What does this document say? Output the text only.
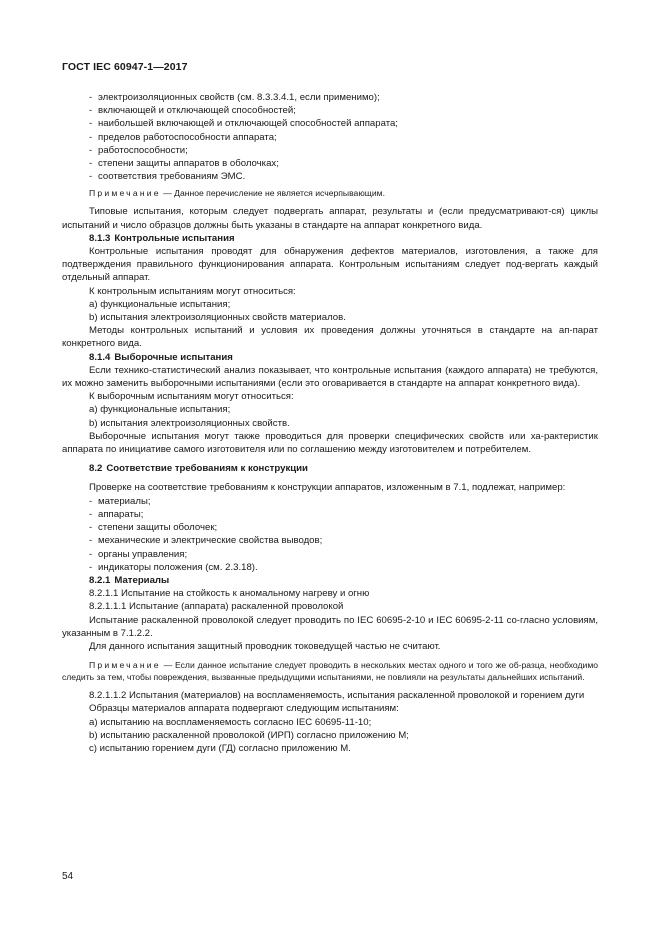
ГОСТ IEC 60947-1—2017

- электроизоляционных свойств (см. 8.3.3.4.1, если применимо);

- включающей и отключающей способностей;

- наибольшей включающей и отключающей способностей аппарата;

- пределов работоспособности аппарата;

- работоспособности;

- степени защиты аппаратов в оболочках;

- соответствия требованиям ЭМС.

Примечание — Данное перечисление не является исчерпывающим.

Типовые испытания, которым следует подвергать аппарат, результаты и (если предусматривают-ся) циклы испытаний и число образцов должны быть указаны в стандарте на аппарат конкретного вида.

8.1.3 Контрольные испытания

Контрольные испытания проводят для обнаружения дефектов материалов, изготовления, а также для подтверждения правильного функционирования аппарата. Контрольным испытаниям следует под-вергать каждый отдельный аппарат.

К контрольным испытаниям могут относиться:

a) функциональные испытания;

b) испытания электроизоляционных свойств материалов.

Методы контрольных испытаний и условия их проведения должны уточняться в стандарте на ап-парат конкретного вида.

8.1.4 Выборочные испытания

Если технико-статистический анализ показывает, что контрольные испытания (каждого аппарата) не требуются, их можно заменить выборочными испытаниями (если это оговаривается в стандарте на аппарат конкретного вида).

К выборочным испытаниям могут относиться:

a) функциональные испытания;

b) испытания электроизоляционных свойств.

Выборочные испытания могут также проводиться для проверки специфических свойств или ха-рактеристик аппарата по инициативе самого изготовителя или по соглашению между изготовителем и потребителем.

8.2 Соответствие требованиям к конструкции

Проверке на соответствие требованиям к конструкции аппаратов, изложенным в 7.1, подлежат, например:

- материалы;

- аппараты;

- степени защиты оболочек;

- механические и электрические свойства выводов;

- органы управления;

- индикаторы положения (см. 2.3.18).

8.2.1 Материалы

8.2.1.1 Испытание на стойкость к аномальному нагреву и огню

8.2.1.1.1 Испытание (аппарата) раскаленной проволокой

Испытание раскаленной проволокой следует проводить по IEC 60695-2-10 и IEC 60695-2-11 со-гласно условиям, указанным в 7.1.2.2.

Для данного испытания защитный проводник токоведущей частью не считают.

Примечание — Если данное испытание следует проводить в нескольких местах одного и того же об-разца, необходимо следить за тем, чтобы повреждения, вызванные предыдущими испытаниями, не повлияли на результаты дальнейших испытаний.

8.2.1.1.2 Испытания (материалов) на воспламеняемость, испытания раскаленной проволокой и горением дуги

Образцы материалов аппарата подвергают следующим испытаниям:

a) испытанию на воспламеняемость согласно IEC 60695-11-10;

b) испытанию раскаленной проволокой (ИРП) согласно приложению M;

c) испытанию горением дуги (ГД) согласно приложению M.

54
